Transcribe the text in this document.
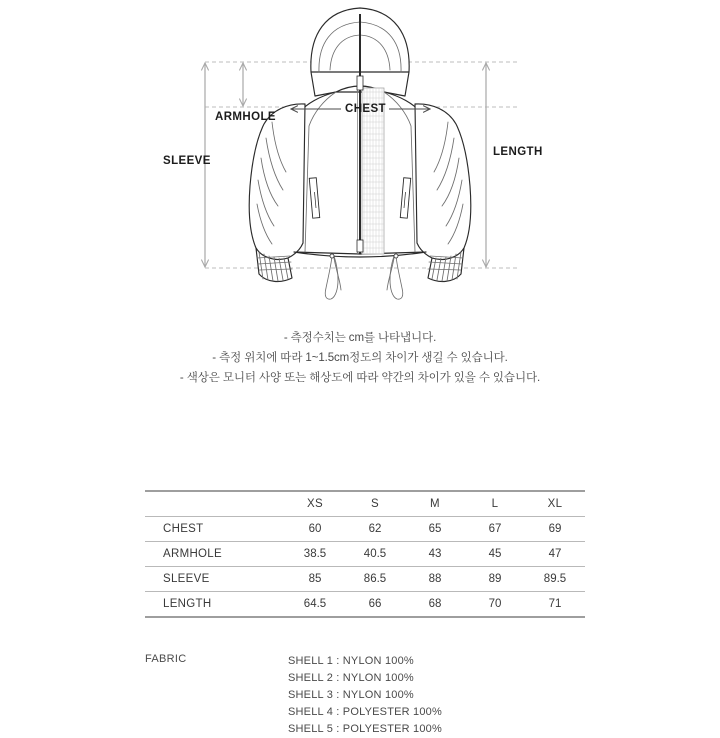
ARMHOLE
SLEEVE
LENGTH
CHEST
- 측정수치는 cm를 나타냅니다.
- 측정 위치에 따라 1~1.5cm정도의 차이가 생길 수 있습니다.
- 색상은 모니터 사양 또는 해상도에 따라 약간의 차이가 있을 수 있습니다.
	XS	S	M	L	XL
CHEST	60	62	65	67	69
ARMHOLE	38.5	40.5	43	45	47
SLEEVE	85	86.5	88	89	89.5
LENGTH	64.5	66	68	70	71
FABRIC	SHELL 1 : NYLON 100%
SHELL 2 : NYLON 100%
SHELL 3 : NYLON 100%
SHELL 4 : POLYESTER 100%
SHELL 5 : POLYESTER 100%
